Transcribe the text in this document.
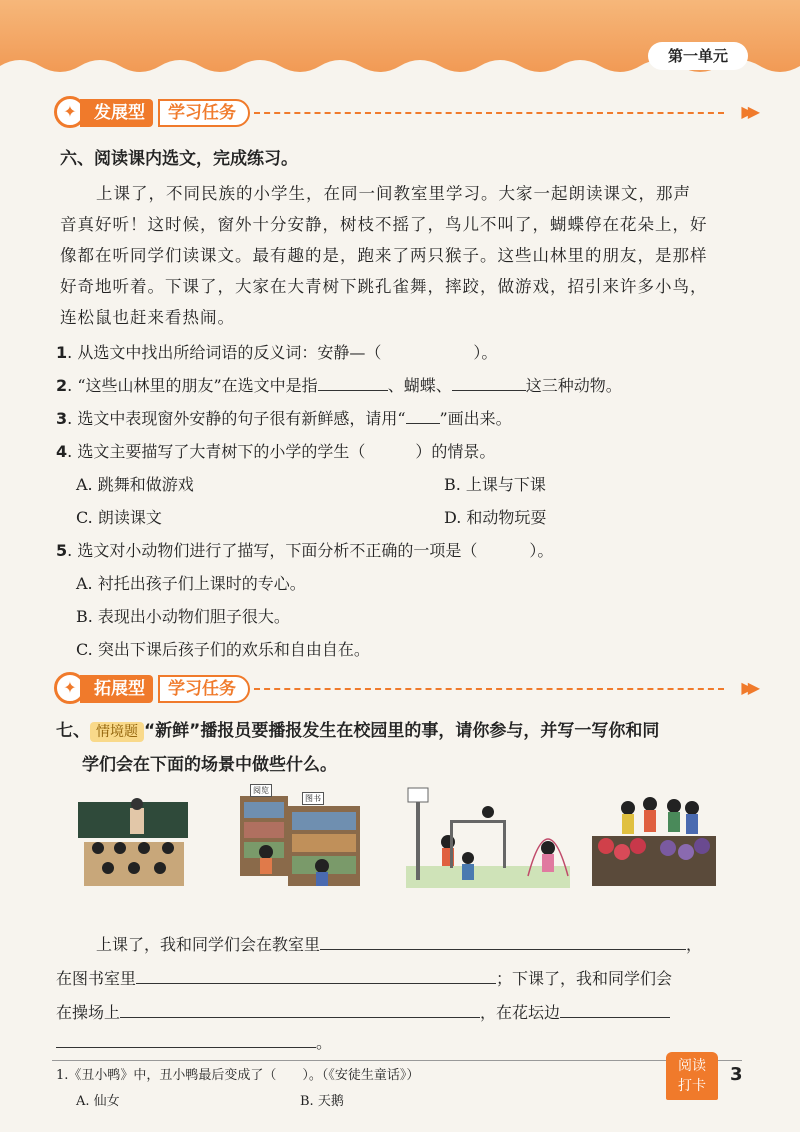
第一单元
✦	发展型	学习任务	▶▶
六、阅读课内选文，完成练习。
上课了，不同民族的小学生，在同一间教室里学习。大家一起朗读课文，那声
音真好听！这时候，窗外十分安静，树枝不摇了，鸟儿不叫了，蝴蝶停在花朵上，好
像都在听同学们读课文。最有趣的是，跑来了两只猴子。这些山林里的朋友，是那样
好奇地听着。下课了，大家在大青树下跳孔雀舞，摔跤，做游戏，招引来许多小鸟，
连松鼠也赶来看热闹。
1. 从选文中找出所给词语的反义词：安静—（	）。
2. “这些山林里的朋友”在选文中是指	、蝴蝶、	这三种动物。
3. 选文中表现窗外安静的句子很有新鲜感，请用“ ”画出来。
4. 选文主要描写了大青树下的小学的学生（	）的情景。
A. 跳舞和做游戏	B. 上课与下课
C. 朗读课文	D. 和动物玩耍
5. 选文对小动物们进行了描写，下面分析不正确的一项是（	）。
A. 衬托出孩子们上课时的专心。
B. 表现出小动物们胆子很大。
C. 突出下课后孩子们的欢乐和自由自在。
✦	拓展型	学习任务	▶▶
七、 情境题 “新鲜”播报员要播报发生在校园里的事，请你参与，并写一写你和同
学们会在下面的场景中做些什么。
阅览
图书
上课了，我和同学们会在教室里	，
在图书室里	；下课了，我和同学们会
在操场上	，在花坛边
。
1.《丑小鸭》中，丑小鸭最后变成了（　　）。（《安徒生童话》）
A. 仙女	B. 天鹅
阅读
打卡
3
